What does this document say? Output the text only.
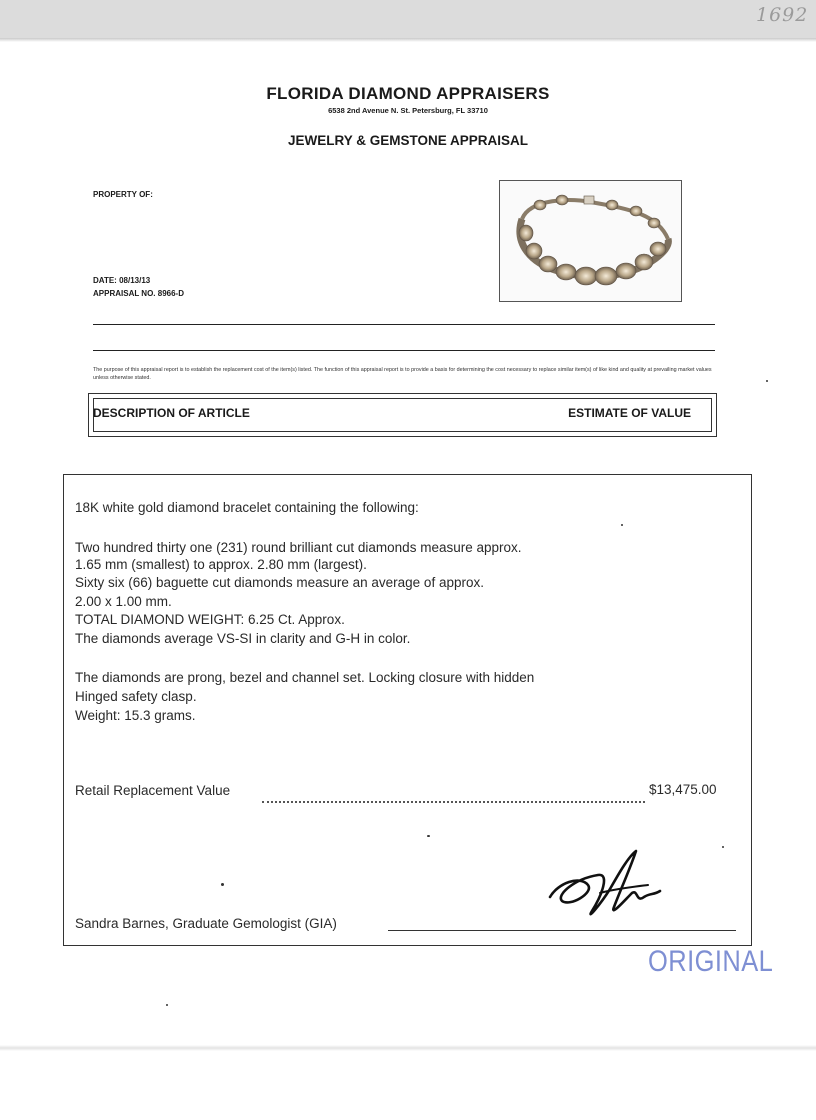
1692
FLORIDA DIAMOND APPRAISERS
6538 2nd Avenue N. St. Petersburg, FL 33710
JEWELRY & GEMSTONE APPRAISAL
PROPERTY OF:
DATE: 08/13/13
APPRAISAL NO. 8966-D
The purpose of this appraisal report is to establish the replacement cost of the item(s) listed. The function of this appraisal report is to provide a basis for determining the cost necessary to replace similar item(s) of like kind and quality at prevailing market values unless otherwise stated.
DESCRIPTION OF ARTICLE	ESTIMATE OF VALUE
18K white gold diamond bracelet containing the following:
Two hundred thirty one (231) round brilliant cut diamonds measure approx.
1.65 mm (smallest) to approx. 2.80 mm (largest).
Sixty six (66) baguette cut diamonds measure an average of approx.
2.00 x 1.00 mm.
TOTAL DIAMOND WEIGHT: 6.25 Ct. Approx.
The diamonds average VS-SI in clarity and G-H in color.
The diamonds are prong, bezel and channel set. Locking closure with hidden
Hinged safety clasp.
Weight: 15.3 grams.
Retail Replacement Value	$13,475.00
Sandra Barnes, Graduate Gemologist (GIA)
ORIGINAL
